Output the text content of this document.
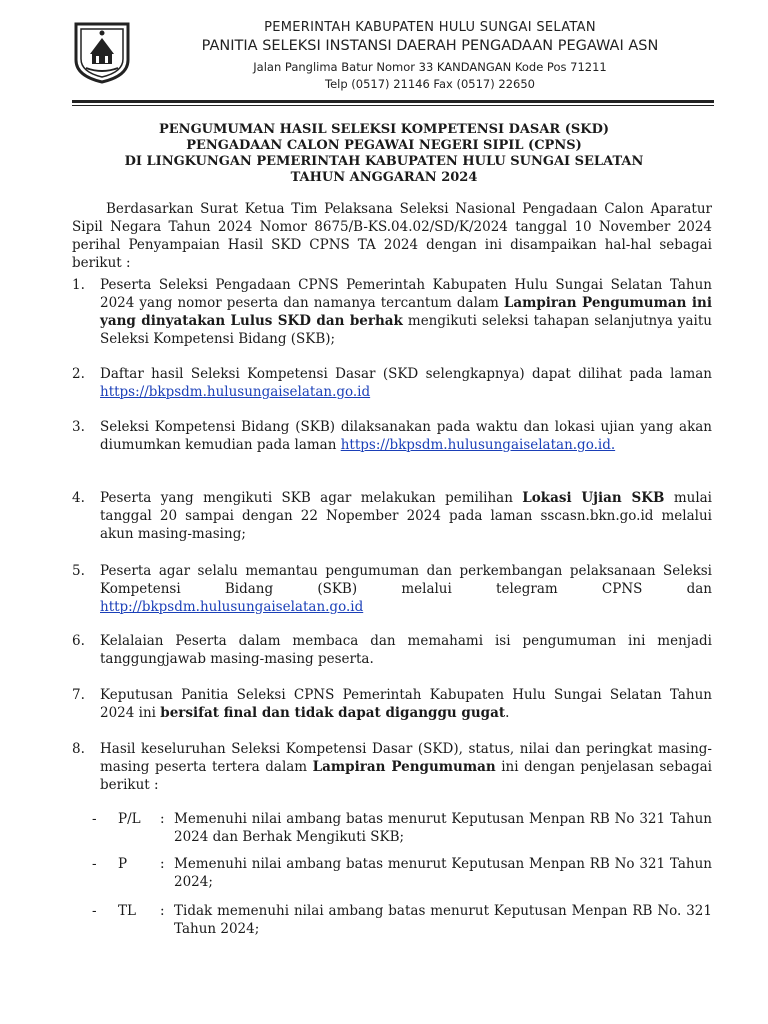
PEMERINTAH KABUPATEN HULU SUNGAI SELATAN
PANITIA SELEKSI INSTANSI DAERAH PENGADAAN PEGAWAI ASN
Jalan Panglima Batur Nomor 33 KANDANGAN Kode Pos 71211
Telp (0517) 21146 Fax (0517) 22650
PENGUMUMAN HASIL SELEKSI KOMPETENSI DASAR (SKD)
PENGADAAN CALON PEGAWAI NEGERI SIPIL (CPNS)
DI LINGKUNGAN PEMERINTAH KABUPATEN HULU SUNGAI SELATAN
TAHUN ANGGARAN 2024
Berdasarkan Surat Ketua Tim Pelaksana Seleksi Nasional Pengadaan Calon Aparatur Sipil Negara Tahun 2024 Nomor 8675/B-KS.04.02/SD/K/2024 tanggal 10 November 2024 perihal Penyampaian Hasil SKD CPNS TA 2024 dengan ini disampaikan hal-hal sebagai berikut :
1.	Peserta Seleksi Pengadaan CPNS Pemerintah Kabupaten Hulu Sungai Selatan Tahun 2024 yang nomor peserta dan namanya tercantum dalam Lampiran Pengumuman ini yang dinyatakan Lulus SKD dan berhak mengikuti seleksi tahapan selanjutnya yaitu Seleksi Kompetensi Bidang (SKB);
2.	Daftar hasil Seleksi Kompetensi Dasar (SKD selengkapnya) dapat dilihat pada laman https://bkpsdm.hulusungaiselatan.go.id
3.	Seleksi Kompetensi Bidang (SKB) dilaksanakan pada waktu dan lokasi ujian yang akan diumumkan kemudian pada laman https://bkpsdm.hulusungaiselatan.go.id.
4.	Peserta yang mengikuti SKB agar melakukan pemilihan Lokasi Ujian SKB mulai tanggal 20 sampai dengan 22 Nopember 2024 pada laman sscasn.bkn.go.id melalui akun masing-masing;
5.	Peserta agar selalu memantau pengumuman dan perkembangan pelaksanaan Seleksi Kompetensi Bidang (SKB) melalui telegram CPNS dan http://bkpsdm.hulusungaiselatan.go.id
6.	Kelalaian Peserta dalam membaca dan memahami isi pengumuman ini menjadi tanggungjawab masing-masing peserta.
7.	Keputusan Panitia Seleksi CPNS Pemerintah Kabupaten Hulu Sungai Selatan Tahun 2024 ini bersifat final dan tidak dapat diganggu gugat.
8.	Hasil keseluruhan Seleksi Kompetensi Dasar (SKD), status, nilai dan peringkat masing-masing peserta tertera dalam Lampiran Pengumuman ini dengan penjelasan sebagai berikut :
- P/L : Memenuhi nilai ambang batas menurut Keputusan Menpan RB No 321 Tahun 2024 dan Berhak Mengikuti SKB;
- P : Memenuhi nilai ambang batas menurut Keputusan Menpan RB No 321 Tahun 2024;
- TL : Tidak memenuhi nilai ambang batas menurut Keputusan Menpan RB No. 321 Tahun 2024;
